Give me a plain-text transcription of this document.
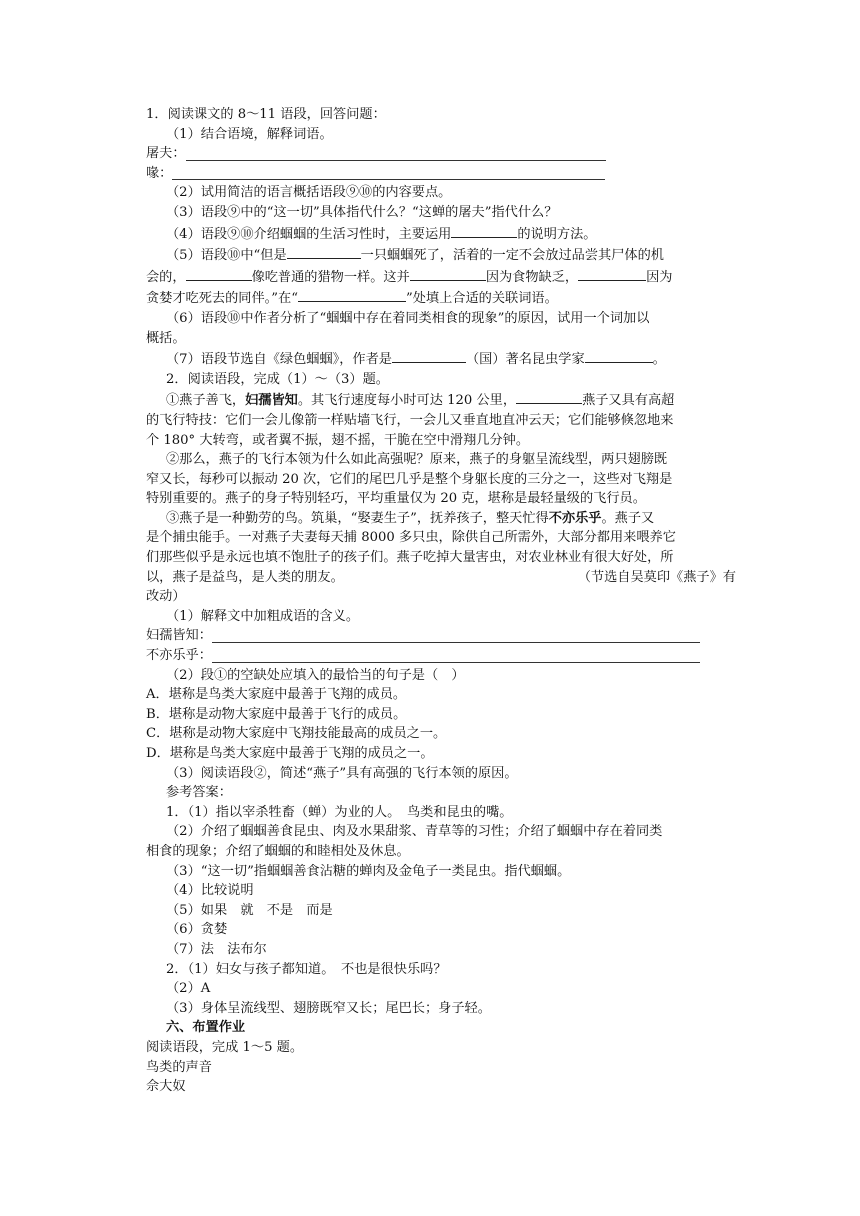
1．阅读课文的 8～11 语段，回答问题：

（1）结合语境，解释词语。

屠夫：
喙：

（2）试用简洁的语言概括语段⑨⑩的内容要点。

（3）语段⑨中的“这一切”具体指代什么？“这蝉的屠夫”指代什么？

（4）语段⑨⑩介绍蝈蝈的生活习性时，主要运用	的说明方法。

（5）语段⑩中“但是	一只蝈蝈死了，活着的一定不会放过品尝其尸体的机

会的，	像吃普通的猎物一样。这并	因为食物缺乏，	因为

贪婪才吃死去的同伴。”在“	”处填上合适的关联词语。

（6）语段⑩中作者分析了“蝈蝈中存在着同类相食的现象”的原因，试用一个词加以

概括。

（7）语段节选自《绿色蝈蝈》，作者是	（国）著名昆虫学家	。

2．阅读语段，完成（1）～（3）题。

①燕子善飞，妇孺皆知。其飞行速度每小时可达 120 公里，	燕子又具有高超

的飞行特技：它们一会儿像箭一样贴墙飞行，一会儿又垂直地直冲云天；它们能够倏忽地来

个 180° 大转弯，或者翼不振，翅不摇，干脆在空中滑翔几分钟。

②那么，燕子的飞行本领为什么如此高强呢？原来，燕子的身躯呈流线型，两只翅膀既

窄又长，每秒可以振动 20 次，它们的尾巴几乎是整个身躯长度的三分之一，这些对飞翔是

特别重要的。燕子的身子特别轻巧，平均重量仅为 20 克，堪称是最轻量级的飞行员。

③燕子是一种勤劳的鸟。筑巢，“娶妻生子”，抚养孩子，整天忙得不亦乐乎。燕子又

是个捕虫能手。一对燕子夫妻每天捕 8000 多只虫，除供自己所需外，大部分都用来喂养它

们那些似乎是永远也填不饱肚子的孩子们。燕子吃掉大量害虫，对农业林业有很大好处，所

以，燕子是益鸟，是人类的朋友。	（节选自吴莫印《燕子》有

改动）

（1）解释文中加粗成语的含义。

妇孺皆知：
不亦乐乎：

（2）段①的空缺处应填入的最恰当的句子是（　）

A．堪称是鸟类大家庭中最善于飞翔的成员。

B．堪称是动物大家庭中最善于飞行的成员。

C．堪称是动物大家庭中飞翔技能最高的成员之一。

D．堪称是鸟类大家庭中最善于飞翔的成员之一。

（3）阅读语段②，简述“燕子”具有高强的飞行本领的原因。

参考答案：

1．（1）指以宰杀牲畜（蝉）为业的人。　鸟类和昆虫的嘴。

（2）介绍了蝈蝈善食昆虫、肉及水果甜浆、青草等的习性；介绍了蝈蝈中存在着同类

相食的现象；介绍了蝈蝈的和睦相处及休息。

（3）“这一切”指蝈蝈善食沾糖的蝉肉及金龟子一类昆虫。指代蝈蝈。

（4）比较说明

（5）如果　就　不是　而是

（6）贪婪

（7）法　法布尔

2．（1）妇女与孩子都知道。　不也是很快乐吗？

（2）A

（3）身体呈流线型、翅膀既窄又长；尾巴长；身子轻。

六、布置作业

阅读语段，完成 1～5 题。

鸟类的声音

佘大奴
